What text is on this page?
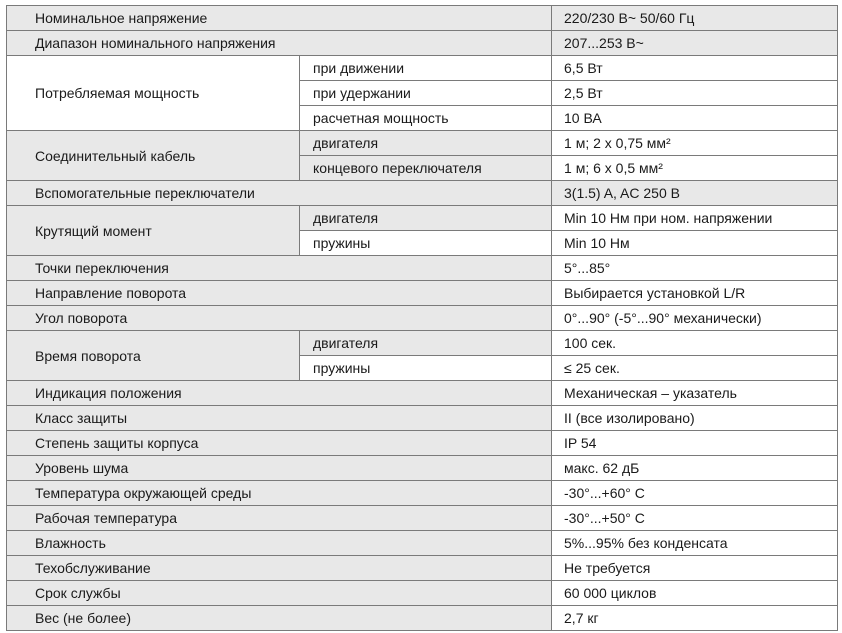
Номинальное напряжение		220/230 В~ 50/60 Гц
Диапазон номинального напряжения		207...253 В~
Потребляемая мощность	при движении	6,5 Вт
	при удержании	2,5 Вт
	расчетная мощность	10 ВА
Соединительный кабель	двигателя	1 м; 2 x 0,75 мм²
	концевого переключателя	1 м; 6 x 0,5 мм²
Вспомогательные переключатели		3(1.5) A, AC 250 В
Крутящий момент	двигателя	Min 10 Нм при ном. напряжении
	пружины	Min 10 Нм
Точки переключения		5°...85°
Направление поворота		Выбирается установкой L/R
Угол поворота		0°...90° (-5°...90° механически)
Время поворота	двигателя	100 сек.
	пружины	≤ 25 сек.
Индикация положения		Механическая – указатель
Класс защиты		II (все изолировано)
Степень защиты корпуса		IP 54
Уровень шума		макс. 62 дБ
Температура окружающей среды		-30°...+60° C
Рабочая температура		-30°...+50° C
Влажность		5%...95% без конденсата
Техобслуживание		Не требуется
Срок службы		60 000 циклов
Вес (не более)		2,7 кг
